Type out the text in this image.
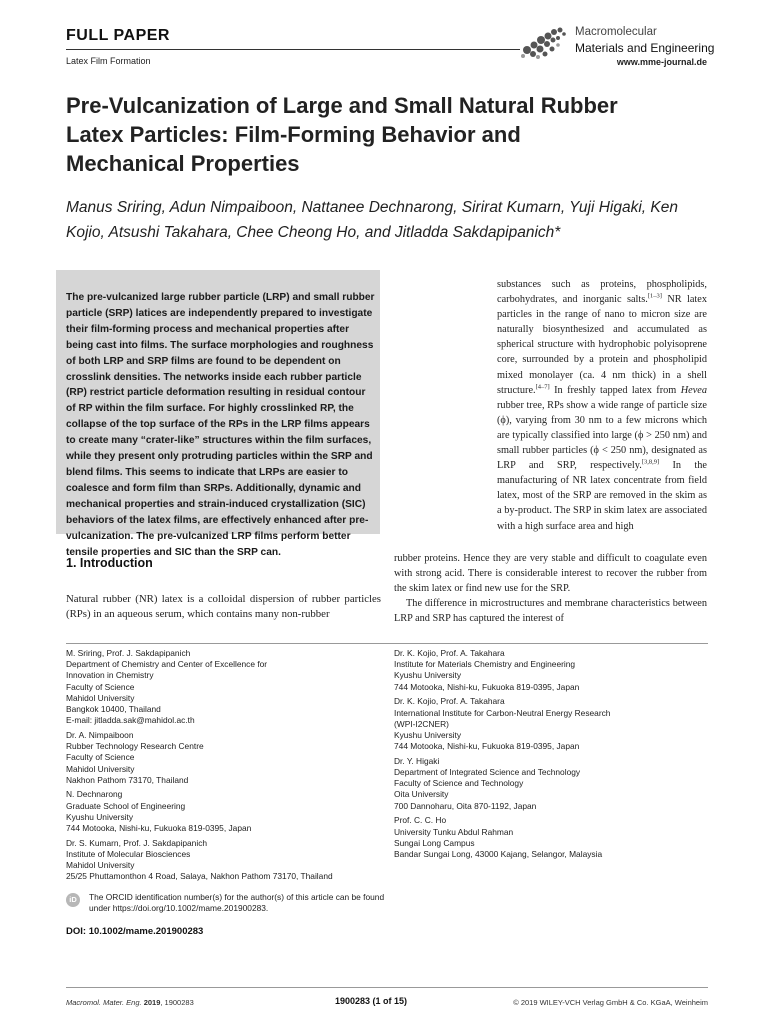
FULL PAPER
Latex Film Formation
Macromolecular
Materials and Engineering
www.mme-journal.de
Pre-Vulcanization of Large and Small Natural Rubber Latex Particles: Film-Forming Behavior and Mechanical Properties
Manus Sriring, Adun Nimpaiboon, Nattanee Dechnarong, Sirirat Kumarn, Yuji Higaki, Ken Kojio, Atsushi Takahara, Chee Cheong Ho, and Jitladda Sakdapipanich*
The pre-vulcanized large rubber particle (LRP) and small rubber particle (SRP) latices are independently prepared to investigate their film-forming process and mechanical properties after being cast into films. The surface morphologies and roughness of both LRP and SRP films are found to be dependent on crosslink densities. The networks inside each rubber particle (RP) restrict particle deformation resulting in residual contour of RP within the film surface. For highly crosslinked RP, the collapse of the top surface of the RPs in the LRP films appears to create many “crater-like” structures within the film surfaces, while they present only protruding particles within the SRP and blend films. This seems to indicate that LRPs are easier to coalesce and form film than SRPs. Additionally, dynamic and mechanical properties and strain-induced crystallization (SIC) behaviors of the latex films, are effectively enhanced after pre-vulcanization. The pre-vulcanized LRP films perform better tensile properties and SIC than the SRP can.
1. Introduction
Natural rubber (NR) latex is a colloidal dispersion of rubber particles (RPs) in an aqueous serum, which contains many non-rubber
substances such as proteins, phospholipids, carbohydrates, and inorganic salts.[1–3] NR latex particles in the range of nano to micron size are naturally biosynthesized and accumulated as spherical structure with hydrophobic polyisoprene core, surrounded by a protein and phospholipid mixed monolayer (ca. 4 nm thick) in a shell structure.[4–7] In freshly tapped latex from Hevea rubber tree, RPs show a wide range of particle size (ϕ), varying from 30 nm to a few microns which are typically classified into large (ϕ > 250 nm) and small rubber particles (ϕ < 250 nm), designated as LRP and SRP, respectively.[3,8,9] In the manufacturing of NR latex concentrate from field latex, most of the SRP are removed in the skim as a by-product. The SRP in skim latex are associated with a high surface area and high
rubber proteins. Hence they are very stable and difficult to coagulate even with strong acid. There is considerable interest to recover the rubber from the skim latex or find new use for the SRP.
The difference in microstructures and membrane characteristics between LRP and SRP has captured the interest of
M. Sriring, Prof. J. Sakdapipanich
Department of Chemistry and Center of Excellence for
Innovation in Chemistry
Faculty of Science
Mahidol University
Bangkok 10400, Thailand
E-mail: jitladda.sak@mahidol.ac.th
Dr. A. Nimpaiboon
Rubber Technology Research Centre
Faculty of Science
Mahidol University
Nakhon Pathom 73170, Thailand
N. Dechnarong
Graduate School of Engineering
Kyushu University
744 Motooka, Nishi-ku, Fukuoka 819-0395, Japan
Dr. S. Kumarn, Prof. J. Sakdapipanich
Institute of Molecular Biosciences
Mahidol University
25/25 Phuttamonthon 4 Road, Salaya, Nakhon Pathom 73170, Thailand
Dr. K. Kojio, Prof. A. Takahara
Institute for Materials Chemistry and Engineering
Kyushu University
744 Motooka, Nishi-ku, Fukuoka 819-0395, Japan
Dr. K. Kojio, Prof. A. Takahara
International Institute for Carbon-Neutral Energy Research
(WPI-I2CNER)
Kyushu University
744 Motooka, Nishi-ku, Fukuoka 819-0395, Japan
Dr. Y. Higaki
Department of Integrated Science and Technology
Faculty of Science and Technology
Oita University
700 Dannoharu, Oita 870-1192, Japan
Prof. C. C. Ho
University Tunku Abdul Rahman
Sungai Long Campus
Bandar Sungai Long, 43000 Kajang, Selangor, Malaysia
iD	The ORCID identification number(s) for the author(s) of this article can be found under https://doi.org/10.1002/mame.201900283.
DOI: 10.1002/mame.201900283
Macromol. Mater. Eng. 2019, 1900283	1900283 (1 of 15)	© 2019 WILEY-VCH Verlag GmbH & Co. KGaA, Weinheim
